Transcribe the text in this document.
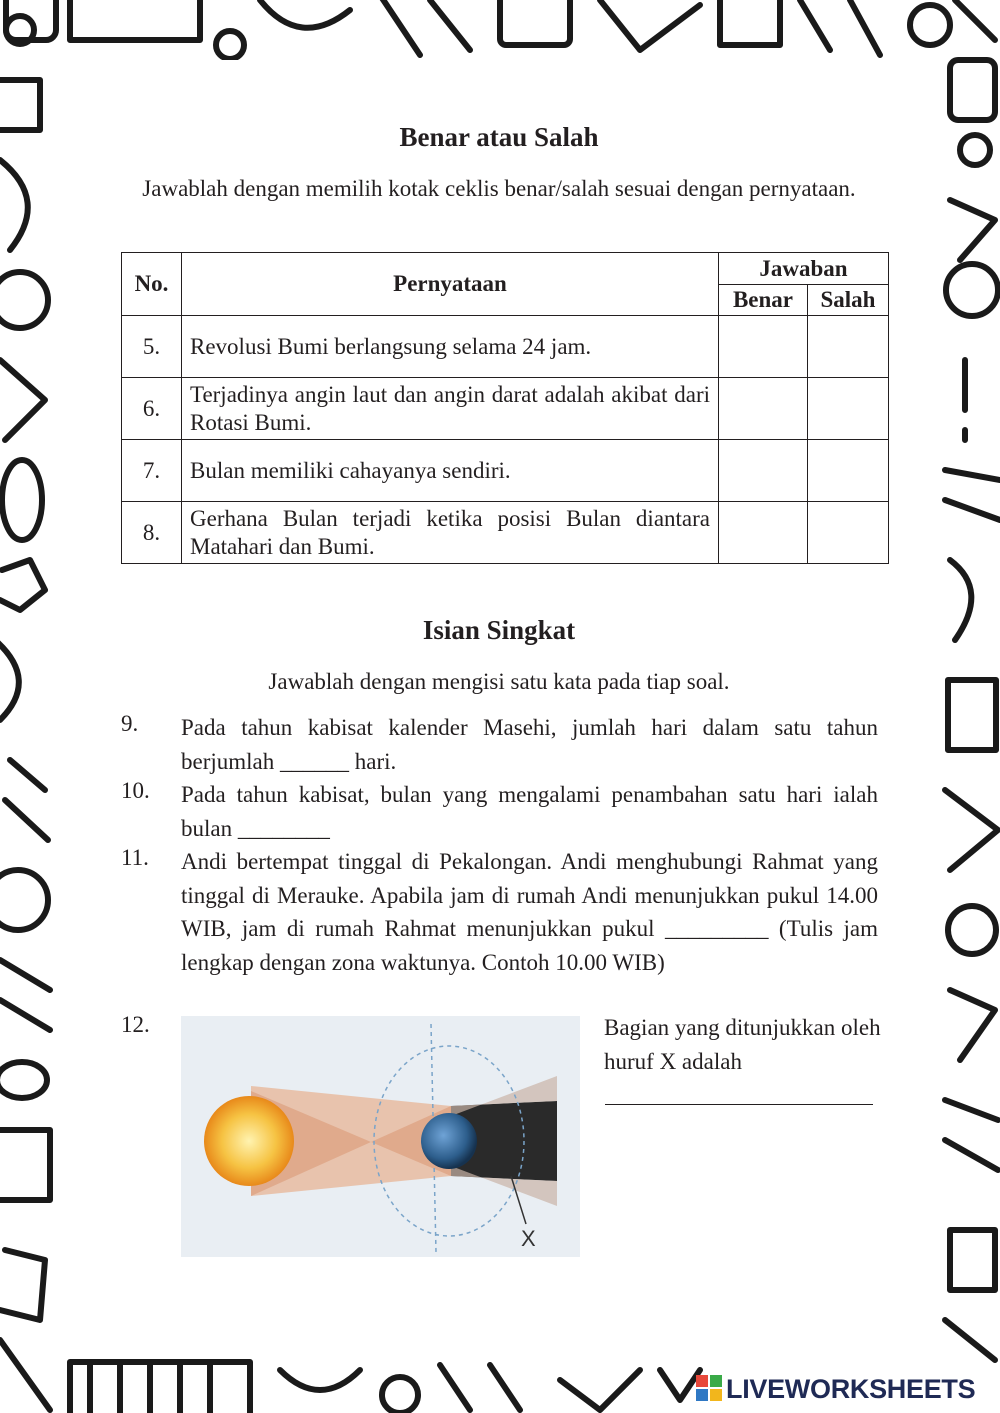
Benar atau Salah

Jawablah dengan memilih kotak ceklis benar/salah sesuai dengan pernyataan.

No.	Pernyataan	Jawaban	
		Benar	Salah
5.	Revolusi Bumi berlangsung selama 24 jam.		
6.	Terjadinya angin laut dan angin darat adalah akibat dari Rotasi Bumi.		
7.	Bulan memiliki cahayanya sendiri.		
8.	Gerhana Bulan terjadi ketika posisi Bulan diantara Matahari dan Bumi.		
Isian Singkat

Jawablah dengan mengisi satu kata pada tiap soal.

9. Pada tahun kabisat kalender Masehi, jumlah hari dalam satu tahun berjumlah ______ hari.
10. Pada tahun kabisat, bulan yang mengalami penambahan satu hari ialah bulan ________
11. Andi bertempat tinggal di Pekalongan. Andi menghubungi Rahmat yang tinggal di Merauke. Apabila jam di rumah Andi menunjukkan pukul 14.00 WIB, jam di rumah Rahmat menunjukkan pukul _________ (Tulis jam lengkap dengan zona waktunya. Contoh 10.00 WIB)
12.
X
Bagian yang ditunjukkan oleh huruf X adalah
LIVEWORKSHEETS
